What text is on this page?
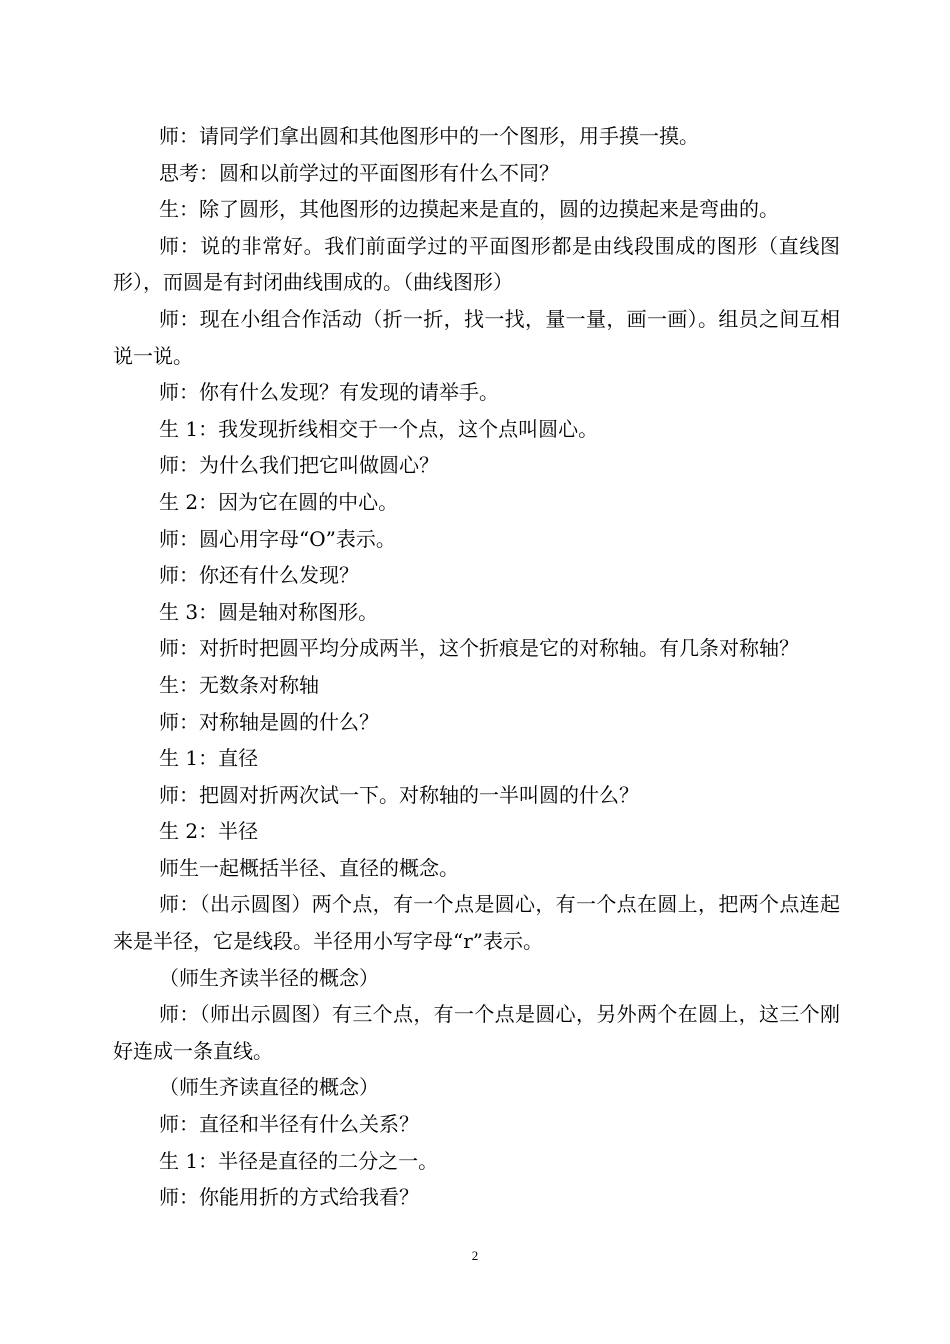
师：请同学们拿出圆和其他图形中的一个图形，用手摸一摸。

思考：圆和以前学过的平面图形有什么不同？

生：除了圆形，其他图形的边摸起来是直的，圆的边摸起来是弯曲的。

师：说的非常好。我们前面学过的平面图形都是由线段围成的图形（直线图形），而圆是有封闭曲线围成的。（曲线图形）

师：现在小组合作活动（折一折，找一找，量一量，画一画）。组员之间互相说一说。

师：你有什么发现？有发现的请举手。

生 1：我发现折线相交于一个点，这个点叫圆心。

师：为什么我们把它叫做圆心？

生 2：因为它在圆的中心。

师：圆心用字母“O”表示。

师：你还有什么发现？

生 3：圆是轴对称图形。

师：对折时把圆平均分成两半，这个折痕是它的对称轴。有几条对称轴？

生：无数条对称轴

师：对称轴是圆的什么？

生 1：直径

师：把圆对折两次试一下。对称轴的一半叫圆的什么？

生 2：半径

师生一起概括半径、直径的概念。

师：（出示圆图）两个点，有一个点是圆心，有一个点在圆上，把两个点连起来是半径，它是线段。半径用小写字母“r”表示。

（师生齐读半径的概念）

师：（师出示圆图）有三个点，有一个点是圆心，另外两个在圆上，这三个刚好连成一条直线。

（师生齐读直径的概念）

师：直径和半径有什么关系？

生 1：半径是直径的二分之一。

师：你能用折的方式给我看？

2
